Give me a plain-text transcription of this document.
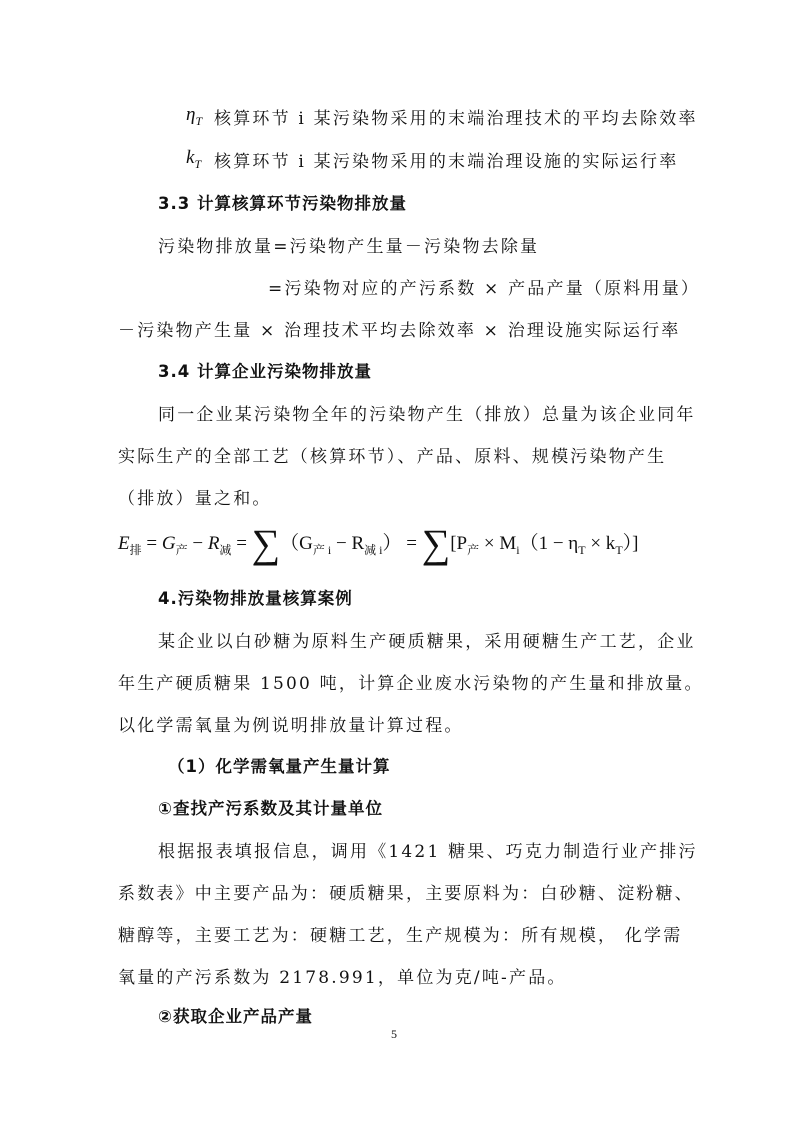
$\eta_T$ 核算环节 i 某污染物采用的末端治理技术的平均去除效率
$k_T$ 核算环节 i 某污染物采用的末端治理设施的实际运行率
3.3 计算核算环节污染物排放量
污染物排放量=污染物产生量－污染物去除量
=污染物对应的产污系数 × 产品产量（原料用量）
－污染物产生量 × 治理技术平均去除效率 × 治理设施实际运行率
3.4 计算企业污染物排放量
同一企业某污染物全年的污染物产生（排放）总量为该企业同年
实际生产的全部工艺（核算环节）、产品、原料、规模污染物产生
（排放）量之和。
$E_排 = G_产 - R_减 = \sum(G_{产 i} - R_{减 i}) = \sum[P_产 \times M_i(1 - \eta_T \times k_T)]$
4.污染物排放量核算案例
某企业以白砂糖为原料生产硬质糖果，采用硬糖生产工艺，企业
年生产硬质糖果 1500 吨，计算企业废水污染物的产生量和排放量。
以化学需氧量为例说明排放量计算过程。
（1）化学需氧量产生量计算
①查找产污系数及其计量单位
根据报表填报信息，调用《1421 糖果、巧克力制造行业产排污
系数表》中主要产品为：硬质糖果，主要原料为：白砂糖、淀粉糖、
糖醇等，主要工艺为：硬糖工艺，生产规模为：所有规模， 化学需
氧量的产污系数为 2178.991，单位为克/吨-产品。
②获取企业产品产量
5
